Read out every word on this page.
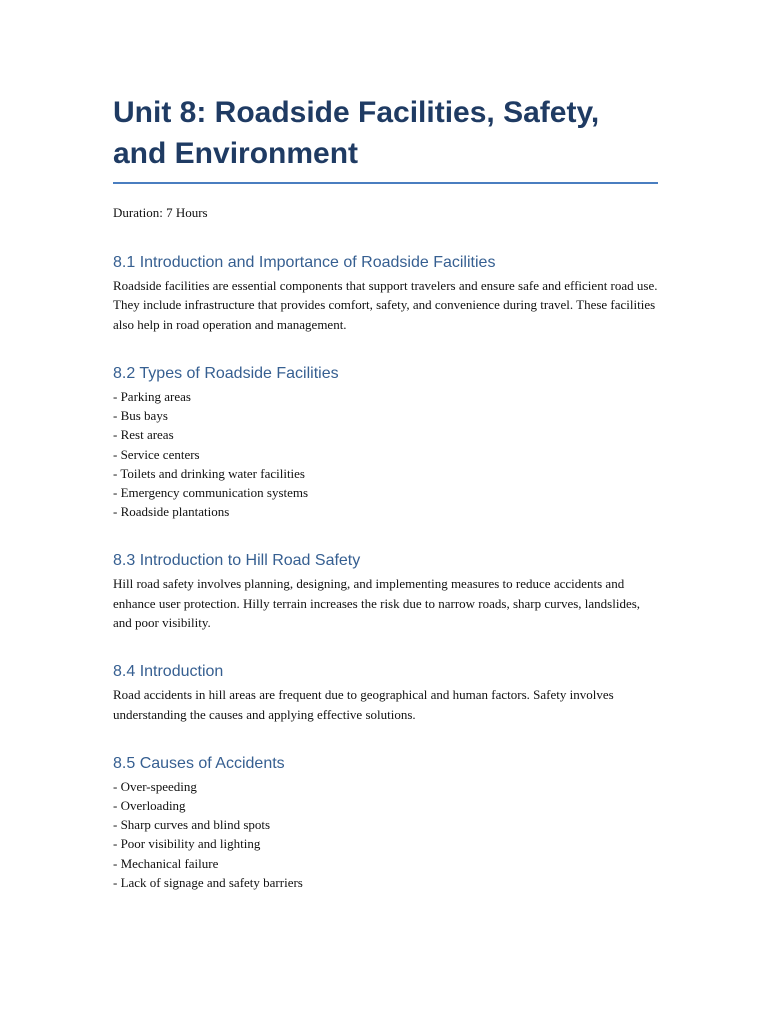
Unit 8: Roadside Facilities, Safety, and Environment

Duration: 7 Hours

8.1 Introduction and Importance of Roadside Facilities

Roadside facilities are essential components that support travelers and ensure safe and efficient road use. They include infrastructure that provides comfort, safety, and convenience during travel. These facilities also help in road operation and management.

8.2 Types of Roadside Facilities
- Parking areas
- Bus bays
- Rest areas
- Service centers
- Toilets and drinking water facilities
- Emergency communication systems
- Roadside plantations
8.3 Introduction to Hill Road Safety

Hill road safety involves planning, designing, and implementing measures to reduce accidents and enhance user protection. Hilly terrain increases the risk due to narrow roads, sharp curves, landslides, and poor visibility.

8.4 Introduction

Road accidents in hill areas are frequent due to geographical and human factors. Safety involves understanding the causes and applying effective solutions.

8.5 Causes of Accidents
- Over-speeding
- Overloading
- Sharp curves and blind spots
- Poor visibility and lighting
- Mechanical failure
- Lack of signage and safety barriers
